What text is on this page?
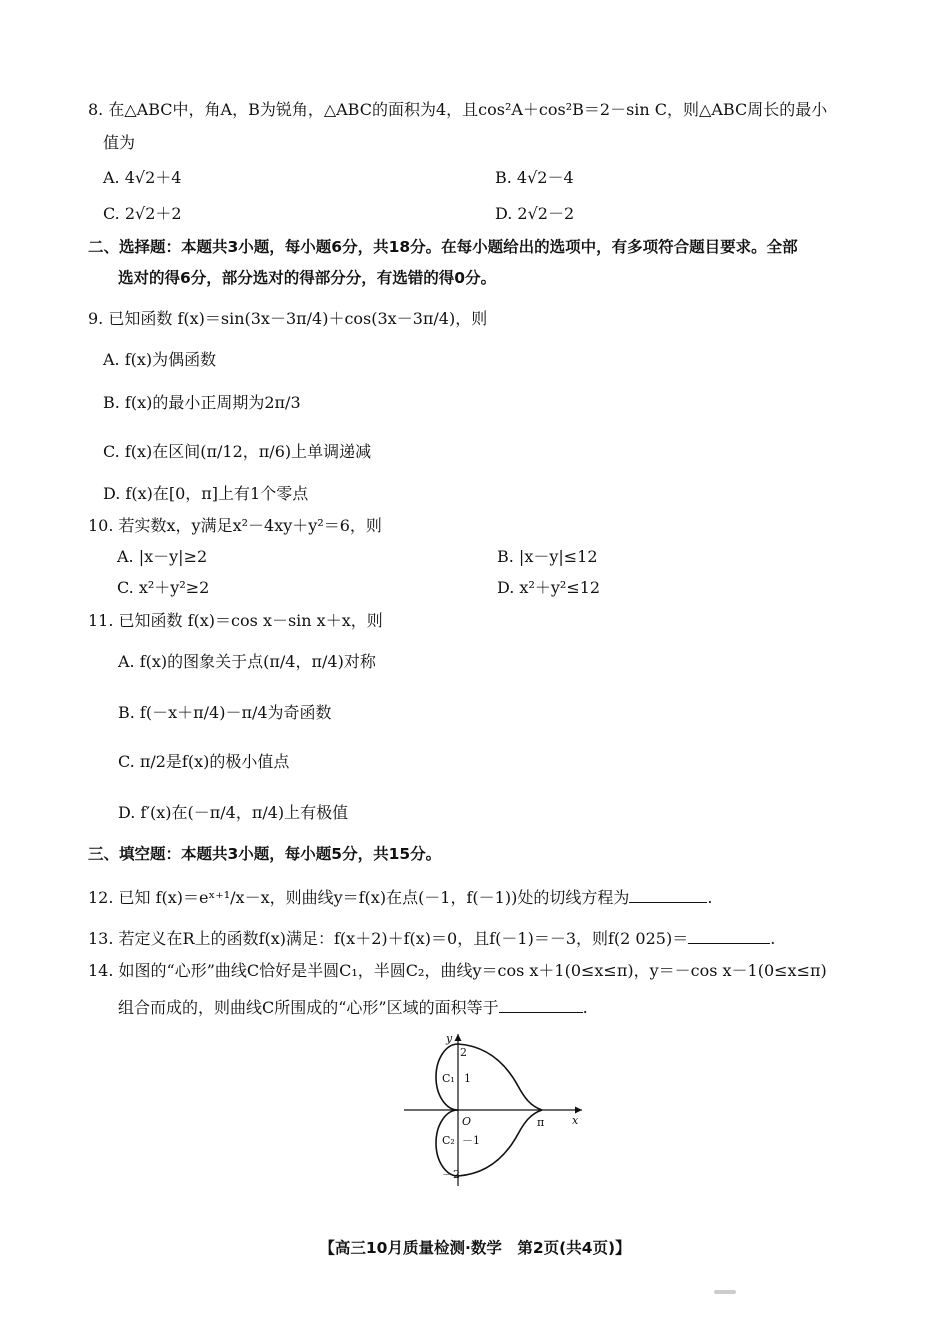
8. 在△ABC中，角A，B为锐角，△ABC的面积为4，且cos²A＋cos²B＝2－sin C，则△ABC周长的最小
值为
A. 4√2＋4	B. 4√2－4
C. 2√2＋2	D. 2√2－2
二、选择题：本题共3小题，每小题6分，共18分。在每小题给出的选项中，有多项符合题目要求。全部
选对的得6分，部分选对的得部分分，有选错的得0分。
9. 已知函数 f(x)＝sin(3x－3π/4)＋cos(3x－3π/4)，则
A. f(x)为偶函数
B. f(x)的最小正周期为2π/3
C. f(x)在区间(π/12，π/6)上单调递减
D. f(x)在[0，π]上有1个零点
10. 若实数x，y满足x²－4xy＋y²＝6，则
A. |x－y|≥2	B. |x－y|≤12
C. x²＋y²≥2	D. x²＋y²≤12
11. 已知函数 f(x)＝cos x－sin x＋x，则
A. f(x)的图象关于点(π/4，π/4)对称
B. f(－x＋π/4)－π/4为奇函数
C. π/2是f(x)的极小值点
D. f′(x)在(－π/4，π/4)上有极值
三、填空题：本题共3小题，每小题5分，共15分。
12. 已知 f(x)＝eˣ⁺¹/x－x，则曲线y＝f(x)在点(－1，f(－1))处的切线方程为	.
13. 若定义在R上的函数f(x)满足：f(x＋2)＋f(x)＝0，且f(－1)＝－3，则f(2 025)＝	.
14. 如图的“心形”曲线C恰好是半圆C₁，半圆C₂，曲线y＝cos x＋1(0≤x≤π)，y＝－cos x－1(0≤x≤π)
组合而成的，则曲线C所围成的“心形”区域的面积等于	.
y
x
O
2
1
－1
－2
π
C₁
C₂
【高三10月质量检测·数学　第2页(共4页)】
